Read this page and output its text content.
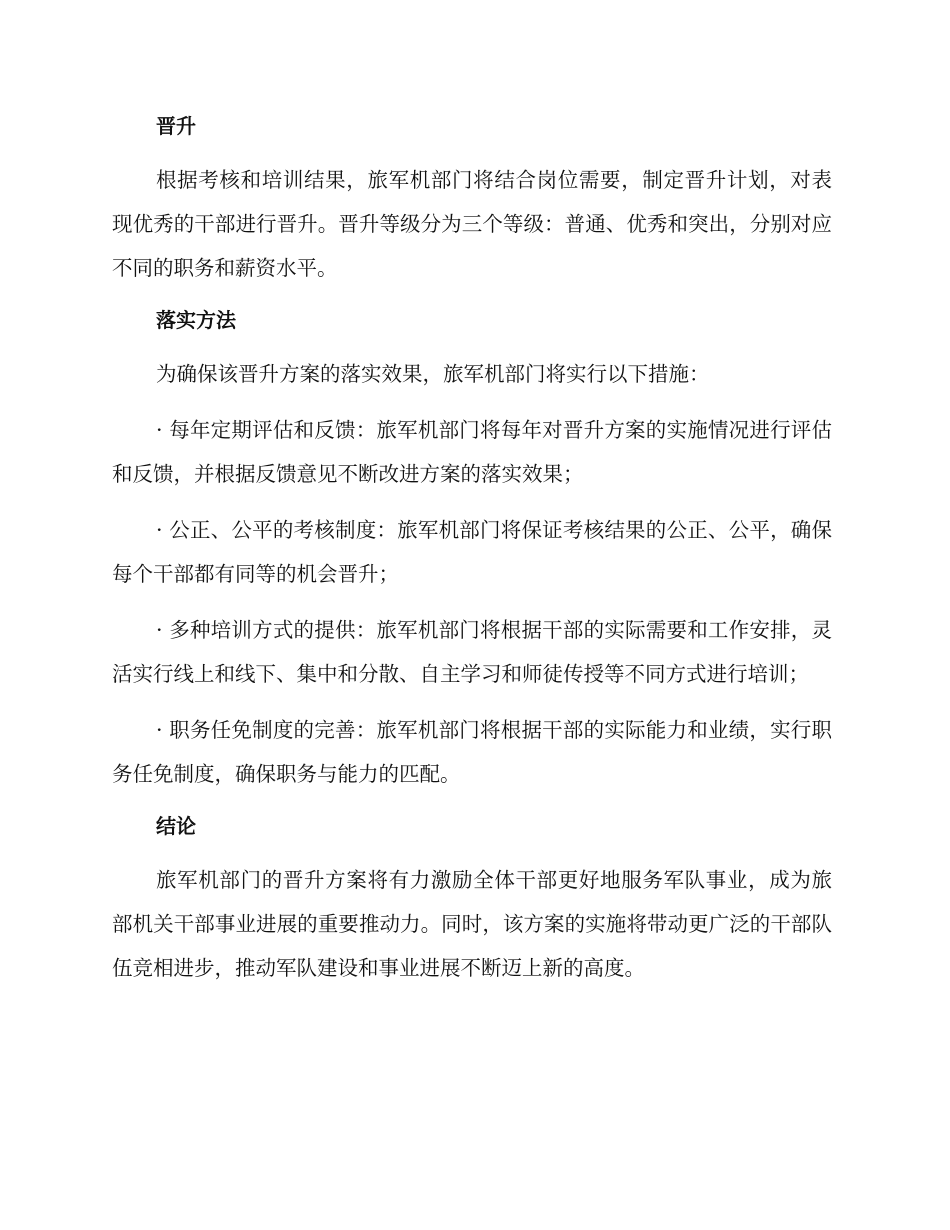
晋升

根据考核和培训结果，旅军机部门将结合岗位需要，制定晋升计划，对表现优秀的干部进行晋升。晋升等级分为三个等级：普通、优秀和突出，分别对应不同的职务和薪资水平。

落实方法

为确保该晋升方案的落实效果，旅军机部门将实行以下措施：

· 每年定期评估和反馈：旅军机部门将每年对晋升方案的实施情况进行评估和反馈，并根据反馈意见不断改进方案的落实效果；

· 公正、公平的考核制度：旅军机部门将保证考核结果的公正、公平，确保每个干部都有同等的机会晋升；

· 多种培训方式的提供：旅军机部门将根据干部的实际需要和工作安排，灵活实行线上和线下、集中和分散、自主学习和师徒传授等不同方式进行培训；

· 职务任免制度的完善：旅军机部门将根据干部的实际能力和业绩，实行职务任免制度，确保职务与能力的匹配。

结论

旅军机部门的晋升方案将有力激励全体干部更好地服务军队事业，成为旅部机关干部事业进展的重要推动力。同时，该方案的实施将带动更广泛的干部队伍竞相进步，推动军队建设和事业进展不断迈上新的高度。
